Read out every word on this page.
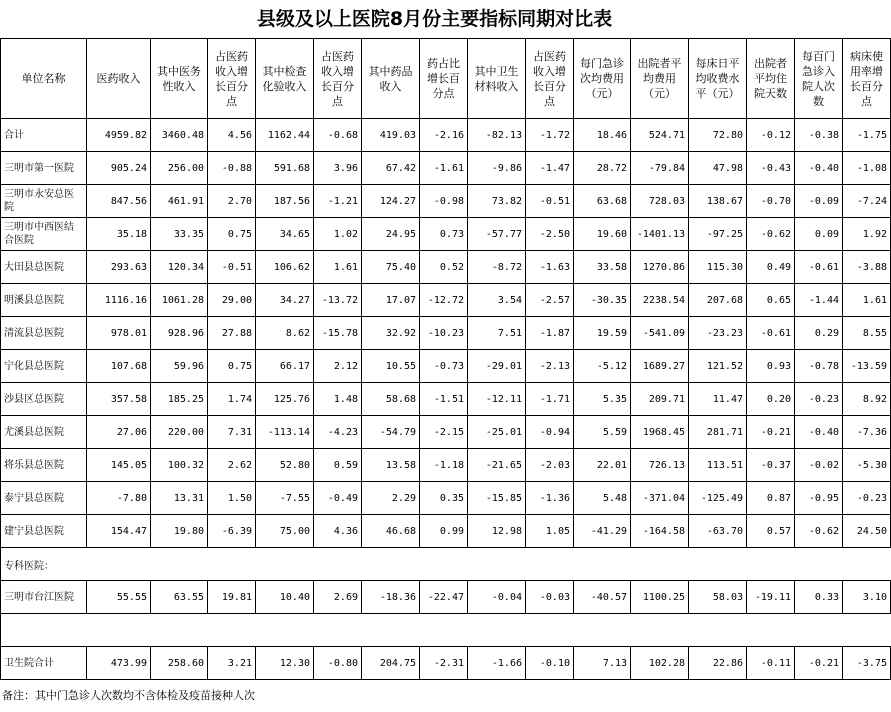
县级及以上医院8月份主要指标同期对比表
单位名称	医药收入	其中医务性收入	占医药收入增长百分点	其中检查化验收入	占医药收入增长百分点	其中药品收入	药占比增长百分点	其中卫生材料收入	占医药收入增长百分点	每门急诊次均费用（元）	出院者平均费用（元）	每床日平均收费水平（元）	出院者平均住院天数	每百门急诊入院人次数	病床使用率增长百分点
合计	4959.82	3460.48	4.56	1162.44	-0.68	419.03	-2.16	-82.13	-1.72	18.46	524.71	72.80	-0.12	-0.38	-1.75
三明市第一医院	905.24	256.00	-0.88	591.68	3.96	67.42	-1.61	-9.86	-1.47	28.72	-79.84	47.98	-0.43	-0.40	-1.08
三明市永安总医院	847.56	461.91	2.70	187.56	-1.21	124.27	-0.98	73.82	-0.51	63.68	728.03	138.67	-0.70	-0.09	-7.24
三明市中西医结合医院	35.18	33.35	0.75	34.65	1.02	24.95	0.73	-57.77	-2.50	19.60	-1401.13	-97.25	-0.62	0.09	1.92
大田县总医院	293.63	120.34	-0.51	106.62	1.61	75.40	0.52	-8.72	-1.63	33.58	1270.86	115.30	0.49	-0.61	-3.88
明溪县总医院	1116.16	1061.28	29.00	34.27	-13.72	17.07	-12.72	3.54	-2.57	-30.35	2238.54	207.68	0.65	-1.44	1.61
清流县总医院	978.01	928.96	27.88	8.62	-15.78	32.92	-10.23	7.51	-1.87	19.59	-541.09	-23.23	-0.61	0.29	8.55
宁化县总医院	107.68	59.96	0.75	66.17	2.12	10.55	-0.73	-29.01	-2.13	-5.12	1689.27	121.52	0.93	-0.78	-13.59
沙县区总医院	357.58	185.25	1.74	125.76	1.48	58.68	-1.51	-12.11	-1.71	5.35	209.71	11.47	0.20	-0.23	8.92
尤溪县总医院	27.06	220.00	7.31	-113.14	-4.23	-54.79	-2.15	-25.01	-0.94	5.59	1968.45	281.71	-0.21	-0.40	-7.36
将乐县总医院	145.05	100.32	2.62	52.80	0.59	13.58	-1.18	-21.65	-2.03	22.01	726.13	113.51	-0.37	-0.02	-5.30
泰宁县总医院	-7.80	13.31	1.50	-7.55	-0.49	2.29	0.35	-15.85	-1.36	5.48	-371.04	-125.49	0.87	-0.95	-0.23
建宁县总医院	154.47	19.80	-6.39	75.00	4.36	46.68	0.99	12.98	1.05	-41.29	-164.58	-63.70	0.57	-0.62	24.50
专科医院：															
三明市台江医院	55.55	63.55	19.81	10.40	2.69	-18.36	-22.47	-0.04	-0.03	-40.57	1100.25	58.03	-19.11	0.33	3.10

卫生院合计	473.99	258.60	3.21	12.30	-0.80	204.75	-2.31	-1.66	-0.10	7.13	102.28	22.86	-0.11	-0.21	-3.75
备注：其中门急诊人次数均不含体检及疫苗接种人次
